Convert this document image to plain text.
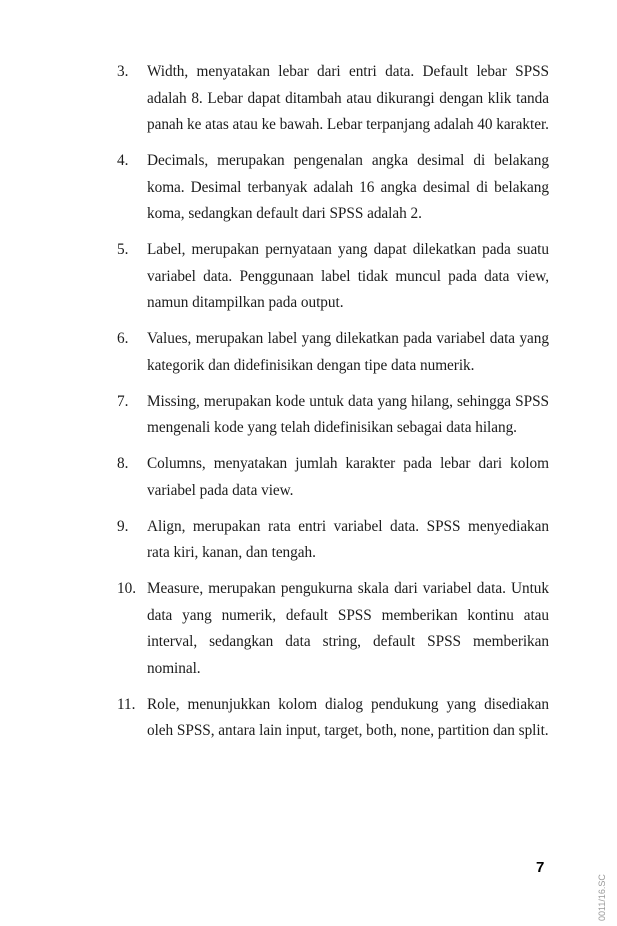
3. Width, menyatakan lebar dari entri data. Default lebar SPSS adalah 8. Lebar dapat ditambah atau dikurangi dengan klik tanda panah ke atas atau ke bawah. Lebar terpanjang adalah 40 karakter.
4. Decimals, merupakan pengenalan angka desimal di belakang koma. Desimal terbanyak adalah 16 angka desimal di belakang koma, sedangkan default dari SPSS adalah 2.
5. Label, merupakan pernyataan yang dapat dilekatkan pada suatu variabel data. Penggunaan label tidak muncul pada data view, namun ditampilkan pada output.
6. Values, merupakan label yang dilekatkan pada variabel data yang kategorik dan didefinisikan dengan tipe data numerik.
7. Missing, merupakan kode untuk data yang hilang, sehingga SPSS mengenali kode yang telah didefinisikan sebagai data hilang.
8. Columns, menyatakan jumlah karakter pada lebar dari kolom variabel pada data view.
9. Align, merupakan rata entri variabel data. SPSS menyediakan rata kiri, kanan, dan tengah.
10. Measure, merupakan pengukurna skala dari variabel data. Untuk data yang numerik, default SPSS memberikan kontinu atau interval, sedangkan data string, default SPSS memberikan nominal.
11. Role, menunjukkan kolom dialog pendukung yang disediakan oleh SPSS, antara lain input, target, both, none, partition dan split.
7
0011/16.SC
